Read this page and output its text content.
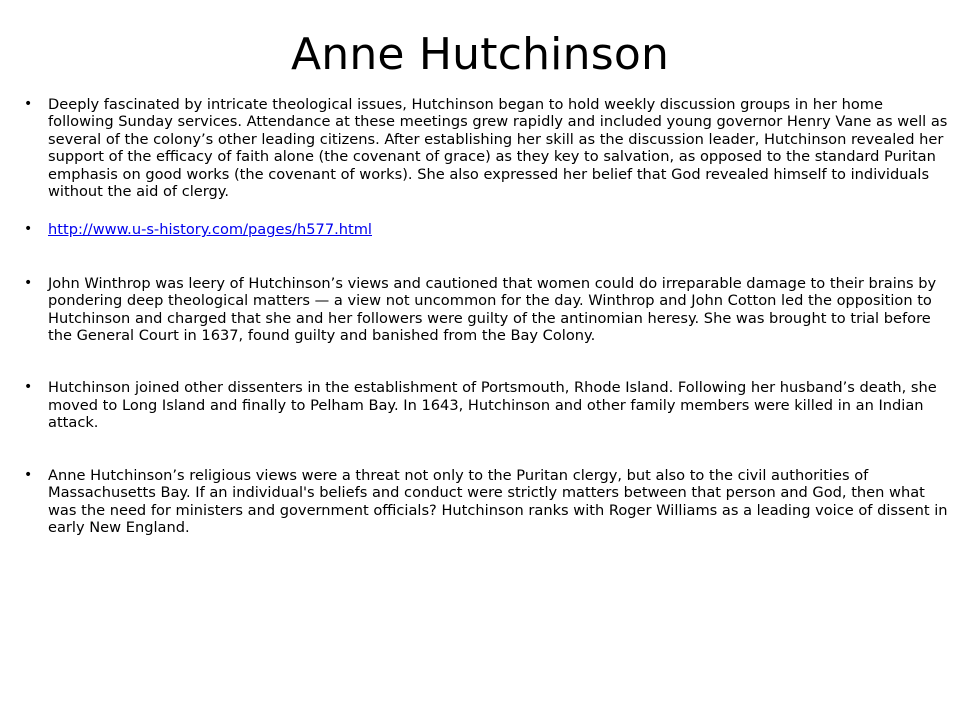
Anne Hutchinson
• Deeply fascinated by intricate theological issues, Hutchinson began to hold weekly discussion groups in her home following Sunday services. Attendance at these meetings grew rapidly and included young governor Henry Vane as well as several of the colony’s other leading citizens. After establishing her skill as the discussion leader, Hutchinson revealed her support of the efficacy of faith alone (the covenant of grace) as they key to salvation, as opposed to the standard Puritan emphasis on good works (the covenant of works). She also expressed her belief that God revealed himself to individuals without the aid of clergy.
• http://www.u-s-history.com/pages/h577.html
• John Winthrop was leery of Hutchinson’s views and cautioned that women could do irreparable damage to their brains by pondering deep theological matters — a view not uncommon for the day. Winthrop and John Cotton led the opposition to Hutchinson and charged that she and her followers were guilty of the antinomian heresy. She was brought to trial before the General Court in 1637, found guilty and banished from the Bay Colony.
• Hutchinson joined other dissenters in the establishment of Portsmouth, Rhode Island. Following her husband’s death, she moved to Long Island and finally to Pelham Bay. In 1643, Hutchinson and other family members were killed in an Indian attack.
• Anne Hutchinson’s religious views were a threat not only to the Puritan clergy, but also to the civil authorities of Massachusetts Bay. If an individual's beliefs and conduct were strictly matters between that person and God, then what was the need for ministers and government officials? Hutchinson ranks with Roger Williams as a leading voice of dissent in early New England.
